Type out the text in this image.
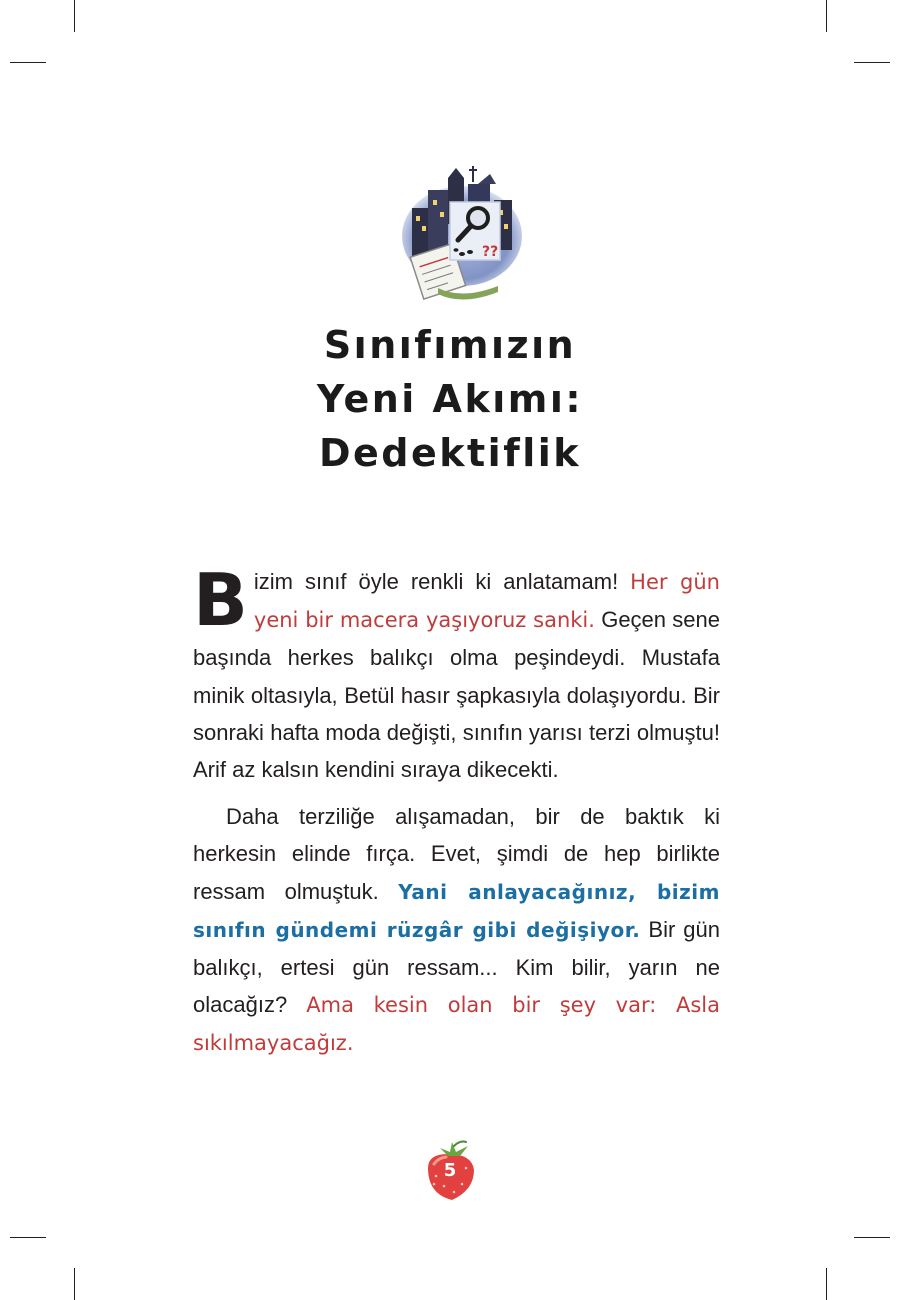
??
Sınıfımızın
Yeni Akımı:
Dedektiflik

Bizim sınıf öyle renkli ki anlatamam! Her gün yeni bir macera yaşıyoruz sanki. Geçen sene başında herkes balıkçı olma peşindeydi. Mustafa minik oltasıyla, Betül hasır şapkasıyla dolaşıyordu. Bir sonraki hafta moda değişti, sınıfın yarısı terzi olmuştu! Arif az kalsın kendini sıraya dikecekti.

Daha terziliğe alışamadan, bir de baktık ki herkesin elinde fırça. Evet, şimdi de hep birlikte ressam olmuştuk. Yani anlayacağınız, bizim sınıfın gündemi rüzgâr gibi değişiyor. Bir gün balıkçı, ertesi gün ressam... Kim bilir, yarın ne olacağız? Ama kesin olan bir şey var: Asla sıkılmayacağız.

5
